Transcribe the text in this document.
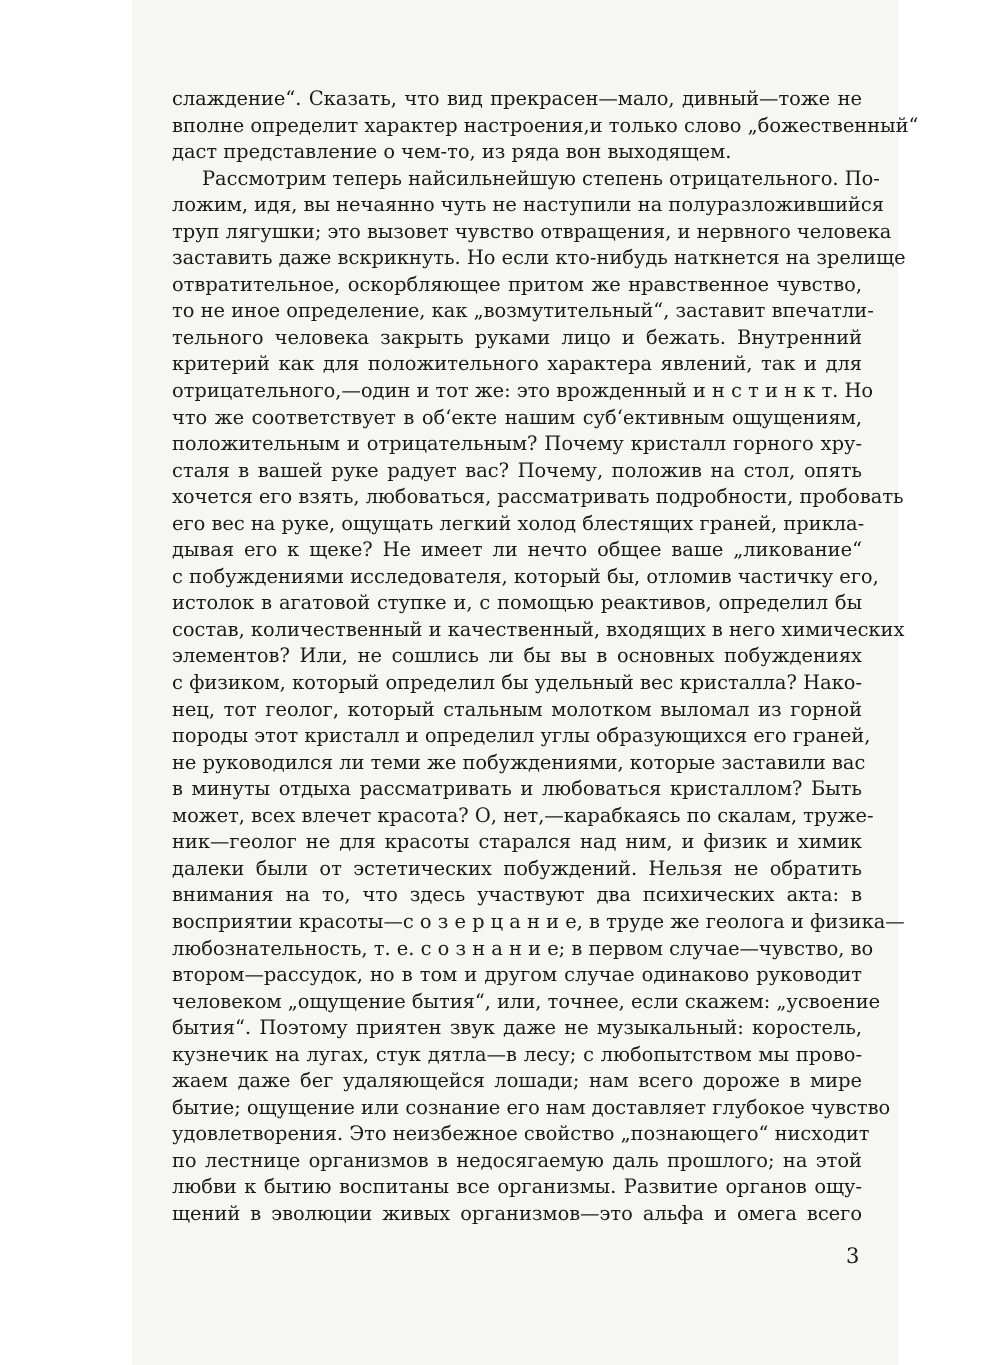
слаждение“. Сказать, что вид прекрасен—мало, дивный—тоже не
вполне определит характер настроения,и только слово „божественный“
даст представление о чем-то, из ряда вон выходящем.
Рассмотрим теперь найсильнейшую степень отрицательного. По-
ложим, идя, вы нечаянно чуть не наступили на полуразложившийся
труп лягушки; это вызовет чувство отвращения, и нервного человека
заставить даже вскрикнуть. Но если кто-нибудь наткнется на зрелище
отвратительное, оскорбляющее притом же нравственное чувство,
то не иное определение, как „возмутительный“, заставит впечатли-
тельного человека закрыть руками лицо и бежать. Внутренний
критерий как для положительного характера явлений, так и для
отрицательного,—один и тот же: это врожденный и н с т и н к т. Но
что же соответствует в об‘екте нашим суб‘ективным ощущениям,
положительным и отрицательным? Почему кристалл горного хру-
сталя в вашей руке радует вас? Почему, положив на стол, опять
хочется его взять, любоваться, рассматривать подробности, пробовать
его вес на руке, ощущать легкий холод блестящих граней, прикла-
дывая его к щеке? Не имеет ли нечто общее ваше „ликование“
с побуждениями исследователя, который бы, отломив частичку его,
истолок в агатовой ступке и, с помощью реактивов, определил бы
состав, количественный и качественный, входящих в него химических
элементов? Или, не сошлись ли бы вы в основных побуждениях
с физиком, который определил бы удельный вес кристалла? Нако-
нец, тот геолог, который стальным молотком выломал из горной
породы этот кристалл и определил углы образующихся его граней,
не руководился ли теми же побуждениями, которые заставили вас
в минуты отдыха рассматривать и любоваться кристаллом? Быть
может, всех влечет красота? О, нет,—карабкаясь по скалам, труже-
ник—геолог не для красоты старался над ним, и физик и химик
далеки были от эстетических побуждений. Нельзя не обратить
внимания на то, что здесь участвуют два психических акта: в
восприятии красоты—с о з е р ц а н и е, в труде же геолога и физика—
любознательность, т. е. с о з н а н и е; в первом случае—чувство, во
втором—рассудок, но в том и другом случае одинаково руководит
человеком „ощущение бытия“, или, точнее, если скажем: „усвоение
бытия“. Поэтому приятен звук даже не музыкальный: коростель,
кузнечик на лугах, стук дятла—в лесу; с любопытством мы прово-
жаем даже бег удаляющейся лошади; нам всего дороже в мире
бытие; ощущение или сознание его нам доставляет глубокое чувство
удовлетворения. Это неизбежное свойство „познающего“ нисходит
по лестнице организмов в недосягаемую даль прошлого; на этой
любви к бытию воспитаны все организмы. Развитие органов ощу-
щений в эволюции живых организмов—это альфа и омега всего
3
